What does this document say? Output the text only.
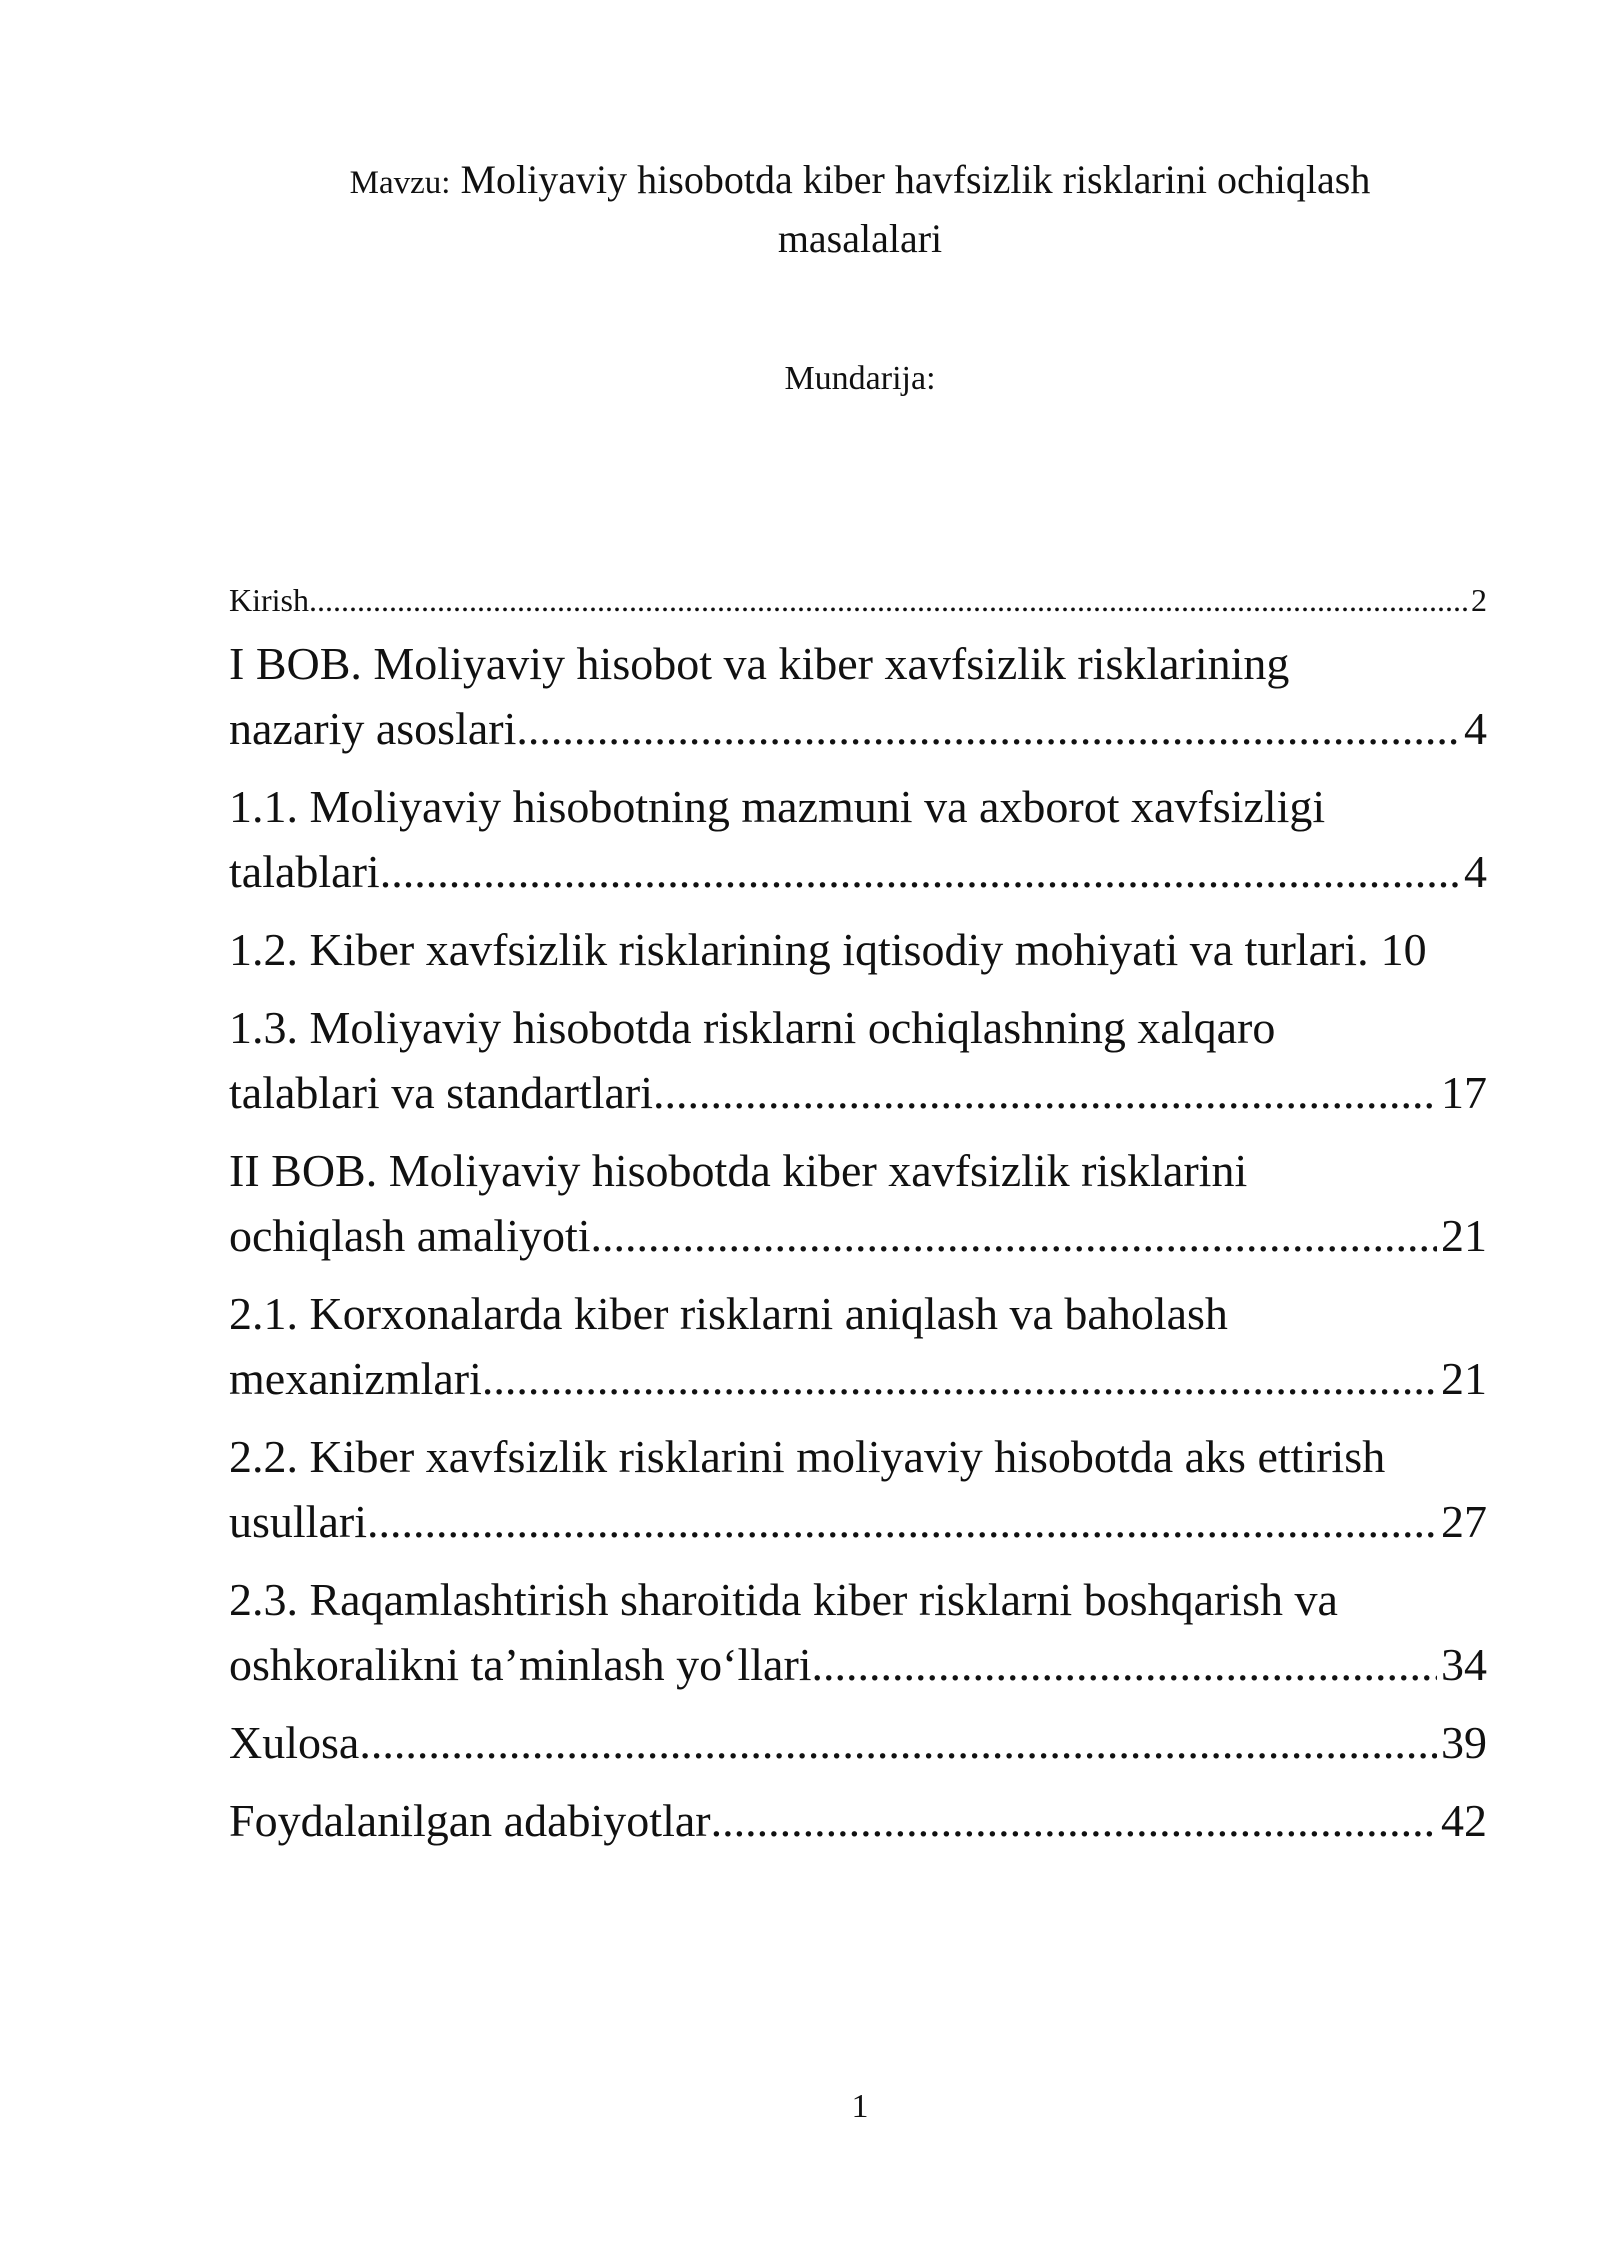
Mavzu: Moliyaviy hisobotda kiber havfsizlik risklarini ochiqlash
masalalari
Mundarija:
Kirish .....	2
I BOB. Moliyaviy hisobot va kiber xavfsizlik risklarining
nazariy asoslari .....	4
1.1. Moliyaviy hisobotning mazmuni va axborot xavfsizligi
talablari .....	4
1.2. Kiber xavfsizlik risklarining iqtisodiy mohiyati va turlari. 10
1.3. Moliyaviy hisobotda risklarni ochiqlashning xalqaro
talablari va standartlari .....	17
II BOB. Moliyaviy hisobotda kiber xavfsizlik risklarini
ochiqlash amaliyoti .....	21
2.1. Korxonalarda kiber risklarni aniqlash va baholash
mexanizmlari .....	21
2.2. Kiber xavfsizlik risklarini moliyaviy hisobotda aks ettirish
usullari .....	27
2.3. Raqamlashtirish sharoitida kiber risklarni boshqarish va
oshkoralikni ta’minlash yo‘llari .....	34
Xulosa .....	39
Foydalanilgan adabiyotlar .....	42
1
